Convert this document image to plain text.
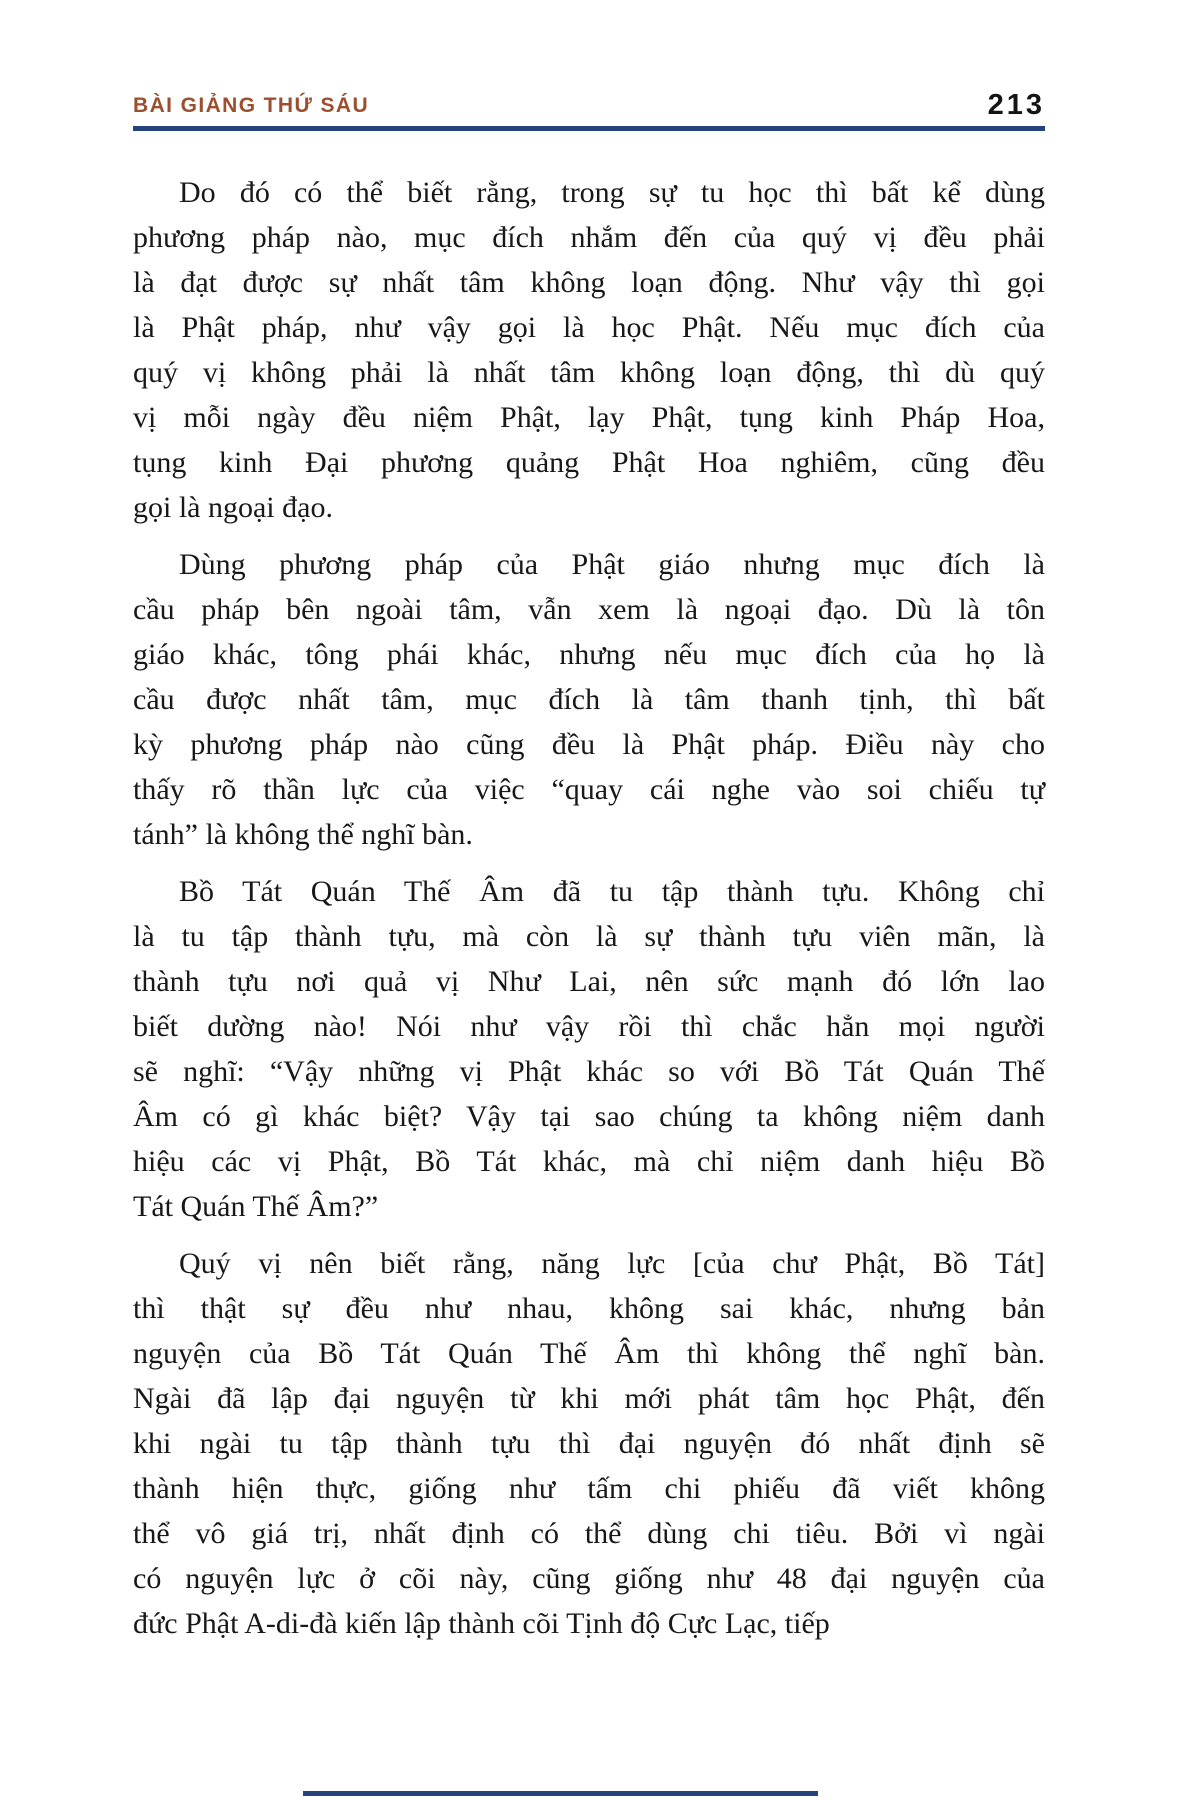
BÀI GIẢNG THỨ SÁU	213
Do đó có thể biết rằng, trong sự tu học thì bất kể dùng
phương pháp nào, mục đích nhắm đến của quý vị đều phải
là đạt được sự nhất tâm không loạn động. Như vậy thì gọi
là Phật pháp, như vậy gọi là học Phật. Nếu mục đích của
quý vị không phải là nhất tâm không loạn động, thì dù quý
vị mỗi ngày đều niệm Phật, lạy Phật, tụng kinh Pháp Hoa,
tụng kinh Đại phương quảng Phật Hoa nghiêm, cũng đều
gọi là ngoại đạo.
Dùng phương pháp của Phật giáo nhưng mục đích là
cầu pháp bên ngoài tâm, vẫn xem là ngoại đạo. Dù là tôn
giáo khác, tông phái khác, nhưng nếu mục đích của họ là
cầu được nhất tâm, mục đích là tâm thanh tịnh, thì bất
kỳ phương pháp nào cũng đều là Phật pháp. Điều này cho
thấy rõ thần lực của việc “quay cái nghe vào soi chiếu tự
tánh” là không thể nghĩ bàn.
Bồ Tát Quán Thế Âm đã tu tập thành tựu. Không chỉ
là tu tập thành tựu, mà còn là sự thành tựu viên mãn, là
thành tựu nơi quả vị Như Lai, nên sức mạnh đó lớn lao
biết dường nào! Nói như vậy rồi thì chắc hẳn mọi người
sẽ nghĩ: “Vậy những vị Phật khác so với Bồ Tát Quán Thế
Âm có gì khác biệt? Vậy tại sao chúng ta không niệm danh
hiệu các vị Phật, Bồ Tát khác, mà chỉ niệm danh hiệu Bồ
Tát Quán Thế Âm?”
Quý vị nên biết rằng, năng lực [của chư Phật, Bồ Tát]
thì thật sự đều như nhau, không sai khác, nhưng bản
nguyện của Bồ Tát Quán Thế Âm thì không thể nghĩ bàn.
Ngài đã lập đại nguyện từ khi mới phát tâm học Phật, đến
khi ngài tu tập thành tựu thì đại nguyện đó nhất định sẽ
thành hiện thực, giống như tấm chi phiếu đã viết không
thể vô giá trị, nhất định có thể dùng chi tiêu. Bởi vì ngài
có nguyện lực ở cõi này, cũng giống như 48 đại nguyện của
đức Phật A-di-đà kiến lập thành cõi Tịnh độ Cực Lạc, tiếp
